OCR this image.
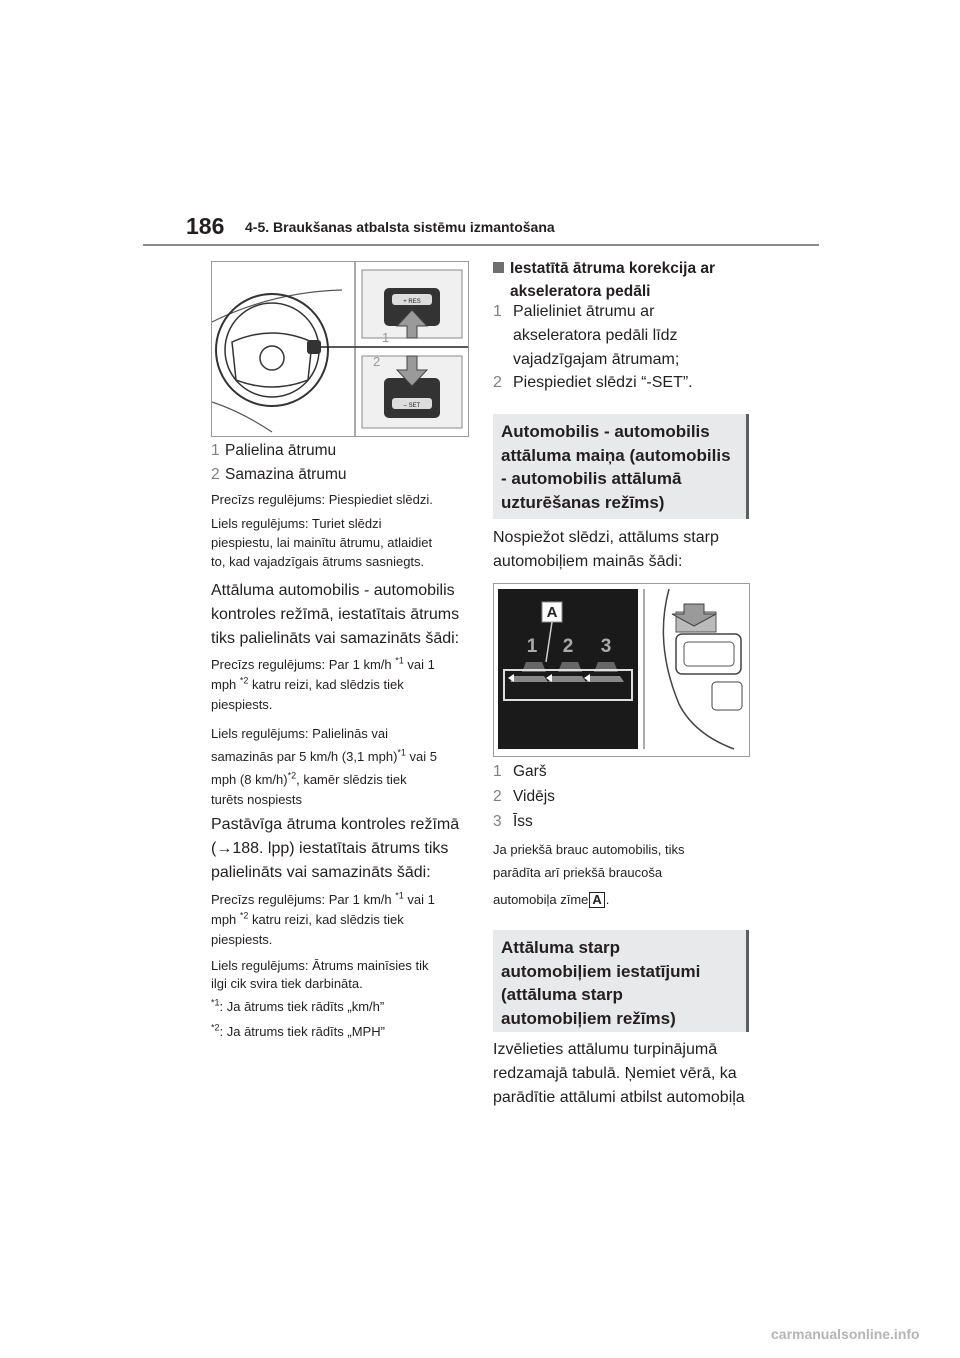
186 4-5. Braukšanas atbalsta sistēmu izmantošana
+ RES
1
– SET
2
1 Palielina ātrumu
2 Samazina ātrumu
Precīzs regulējums: Piespiediet slēdzi.
Liels regulējums: Turiet slēdzi
piespiestu, lai mainītu ātrumu, atlaidiet
to, kad vajadzīgais ātrums sasniegts.
Attāluma automobilis - automobilis
kontroles režīmā, iestatītais ātrums
tiks palielināts vai samazināts šādi:
Precīzs regulējums: Par 1 km/h $^{*1}$ vai 1
mph $^{*2}$ katru reizi, kad slēdzis tiek
piespiests.
Liels regulējums: Palielinās vai
samazinās par 5 km/h (3,1 mph)$^{*1}$ vai 5
mph (8 km/h)$^{*2}$, kamēr slēdzis tiek
turēts nospiests
Pastāvīga ātruma kontroles režīmā
(→188. lpp) iestatītais ātrums tiks
palielināts vai samazināts šādi:
Precīzs regulējums: Par 1 km/h $^{*1}$ vai 1
mph $^{*2}$ katru reizi, kad slēdzis tiek
piespiests.
Liels regulējums: Ātrums mainīsies tik
ilgi cik svira tiek darbināta.
$^{*1}$: Ja ātrums tiek rādīts „km/h”
$^{*2}$: Ja ātrums tiek rādīts „MPH”
Iestatītā ātruma korekcija ar
akseleratora pedāli
1 Palieliniet ātrumu ar
akseleratora pedāli līdz
vajadzīgajam ātrumam;
2 Piespiediet slēdzi “-SET”.
Automobilis - automobilis
attāluma maiņa (automobilis
- automobilis attālumā
uzturēšanas režīms)
Nospiežot slēdzi, attālums starp
automobiļiem mainās šādi:
A
1 2 3
1 Garš
2 Vidējs
3 Īss
Ja priekšā brauc automobilis, tiks
parādīta arī priekšā braucoša
automobiļa zīme A .
Attāluma starp
automobiļiem iestatījumi
(attāluma starp
automobiļiem režīms)
Izvēlieties attālumu turpinājumā
redzamajā tabulā. Ņemiet vērā, ka
parādītie attālumi atbilst automobiļa
carmanualsonline.info
